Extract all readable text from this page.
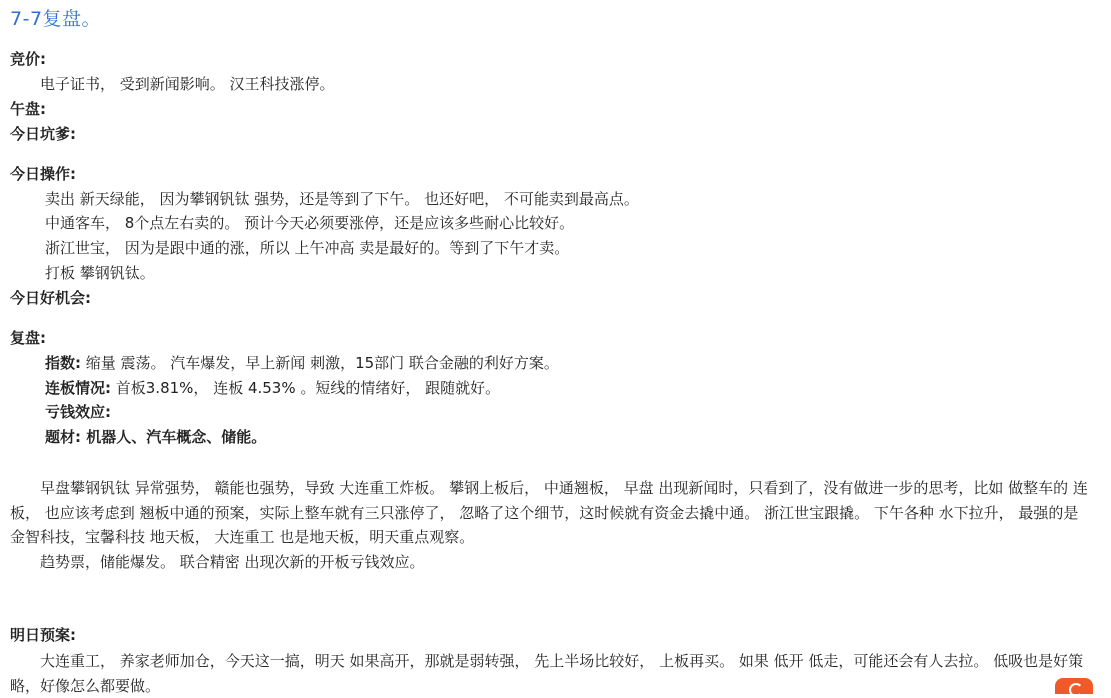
7-7复盘。
竞价:
电子证书， 受到新闻影响。 汉王科技涨停。
午盘:
今日坑爹:
今日操作:
卖出 新天绿能， 因为攀钢钒钛 强势，还是等到了下午。 也还好吧， 不可能卖到最高点。
中通客车， 8个点左右卖的。 预计今天必须要涨停，还是应该多些耐心比较好。
浙江世宝， 因为是跟中通的涨，所以 上午冲高 卖是最好的。等到了下午才卖。
打板 攀钢钒钛。
今日好机会:
复盘:
指数: 缩量 震荡。 汽车爆发，早上新闻 刺激，15部门 联合金融的利好方案。
连板情况: 首板3.81%， 连板 4.53% 。短线的情绪好， 跟随就好。
亏钱效应:
题材: 机器人、汽车概念、储能。
早盘攀钢钒钛 异常强势， 赣能也强势，导致 大连重工炸板。 攀钢上板后， 中通翘板， 早盘 出现新闻时，只看到了，没有做进一步的思考，比如 做整车的 连板， 也应该考虑到 翘板中通的预案，实际上整车就有三只涨停了， 忽略了这个细节，这时候就有资金去撬中通。 浙江世宝跟撬。 下午各种 水下拉升， 最强的是 金智科技，宝馨科技 地天板， 大连重工 也是地天板，明天重点观察。
趋势票，储能爆发。 联合精密 出现次新的开板亏钱效应。
明日预案:
大连重工， 养家老师加仓，今天这一搞，明天 如果高开，那就是弱转强， 先上半场比较好， 上板再买。 如果 低开 低走，可能还会有人去拉。 低吸也是好策略，好像怎么都要做。
